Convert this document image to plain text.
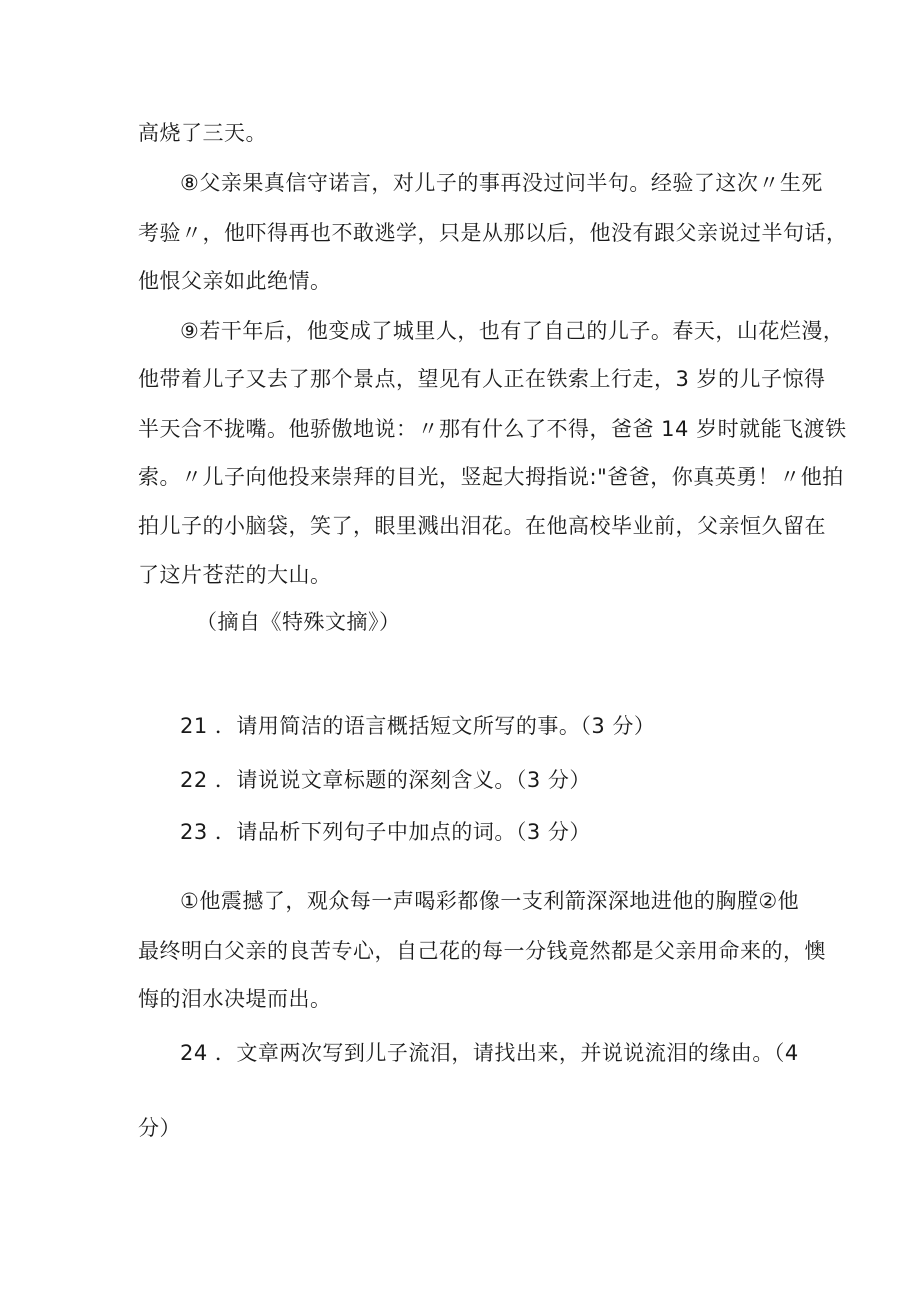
高烧了三天。
⑧父亲果真信守诺言，对儿子的事再没过问半句。经验了这次〃生死
考验〃，他吓得再也不敢逃学，只是从那以后，他没有跟父亲说过半句话，
他恨父亲如此绝情。
⑨若干年后，他变成了城里人，也有了自己的儿子。春天，山花烂漫，
他带着儿子又去了那个景点，望见有人正在铁索上行走，3 岁的儿子惊得
半天合不拢嘴。他骄傲地说：〃那有什么了不得，爸爸 14 岁时就能飞渡铁
索。〃儿子向他投来崇拜的目光，竖起大拇指说:"爸爸，你真英勇！〃他拍
拍儿子的小脑袋，笑了，眼里溅出泪花。在他高校毕业前，父亲恒久留在
了这片苍茫的大山。
（摘自《特殊文摘》）
21 ．请用简洁的语言概括短文所写的事。（3 分）
22 ．请说说文章标题的深刻含义。（3 分）
23 ．请品析下列句子中加点的词。（3 分）
①他震撼了，观众每一声喝彩都像一支利箭深深地进他的胸膛②他
最终明白父亲的良苦专心，自己花的每一分钱竟然都是父亲用命来的，懊
悔的泪水决堤而出。
24 ．文章两次写到儿子流泪，请找出来，并说说流泪的缘由。（4
分）
